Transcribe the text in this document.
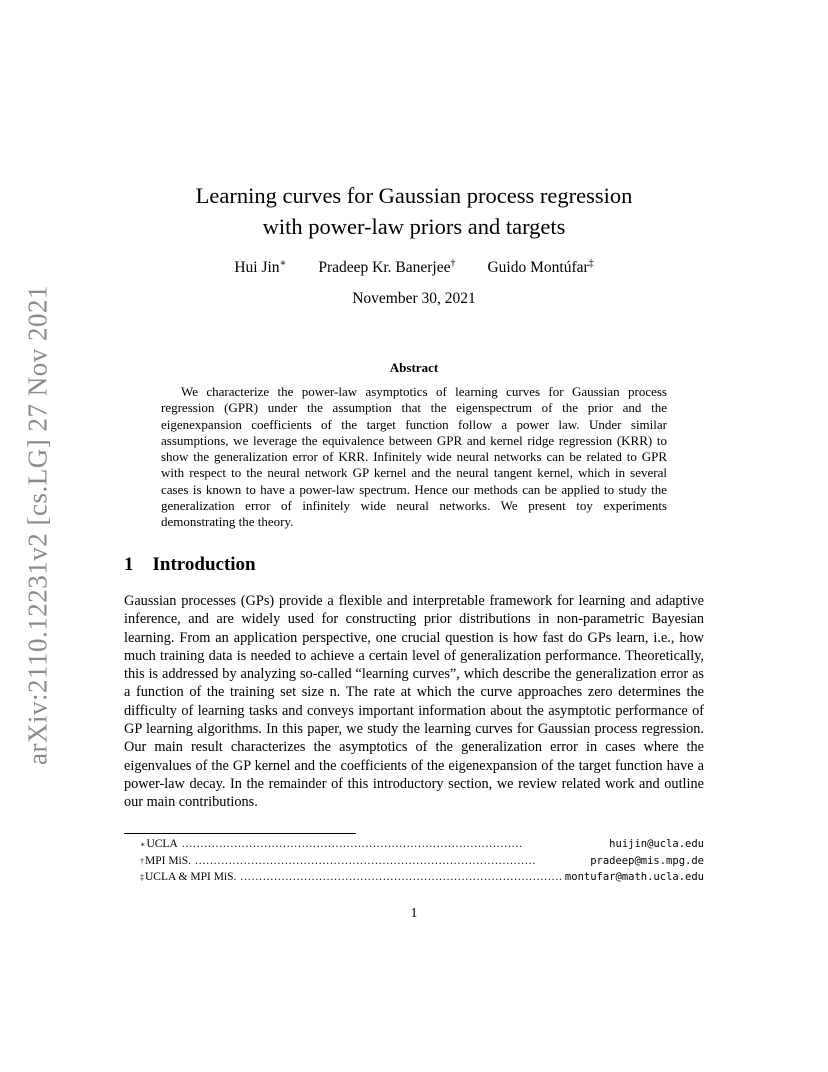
arXiv:2110.12231v2 [cs.LG] 27 Nov 2021
Learning curves for Gaussian process regression
with power-law priors and targets
Hui Jin∗ Pradeep Kr. Banerjee† Guido Montúfar‡
November 30, 2021
Abstract

We characterize the power-law asymptotics of learning curves for Gaussian process regression (GPR) under the assumption that the eigenspectrum of the prior and the eigenexpansion coefficients of the target function follow a power law. Under similar assumptions, we leverage the equivalence between GPR and kernel ridge regression (KRR) to show the generalization error of KRR. Infinitely wide neural networks can be related to GPR with respect to the neural network GP kernel and the neural tangent kernel, which in several cases is known to have a power-law spectrum. Hence our methods can be applied to study the generalization error of infinitely wide neural networks. We present toy experiments demonstrating the theory.

1 Introduction

Gaussian processes (GPs) provide a flexible and interpretable framework for learning and adaptive inference, and are widely used for constructing prior distributions in non-parametric Bayesian learning. From an application perspective, one crucial question is how fast do GPs learn, i.e., how much training data is needed to achieve a certain level of generalization performance. Theoretically, this is addressed by analyzing so-called “learning curves”, which describe the generalization error as a function of the training set size n. The rate at which the curve approaches zero determines the difficulty of learning tasks and conveys important information about the asymptotic performance of GP learning algorithms. In this paper, we study the learning curves for Gaussian process regression. Our main result characterizes the asymptotics of the generalization error in cases where the eigenvalues of the GP kernel and the coefficients of the eigenexpansion of the target function have a power-law decay. In the remainder of this introductory section, we review related work and outline our main contributions.

∗ UCLA . . .	huijin@ucla.edu
† MPI MiS. . . .	pradeep@mis.mpg.de
‡ UCLA & MPI MiS. . . .	montufar@math.ucla.edu
1
